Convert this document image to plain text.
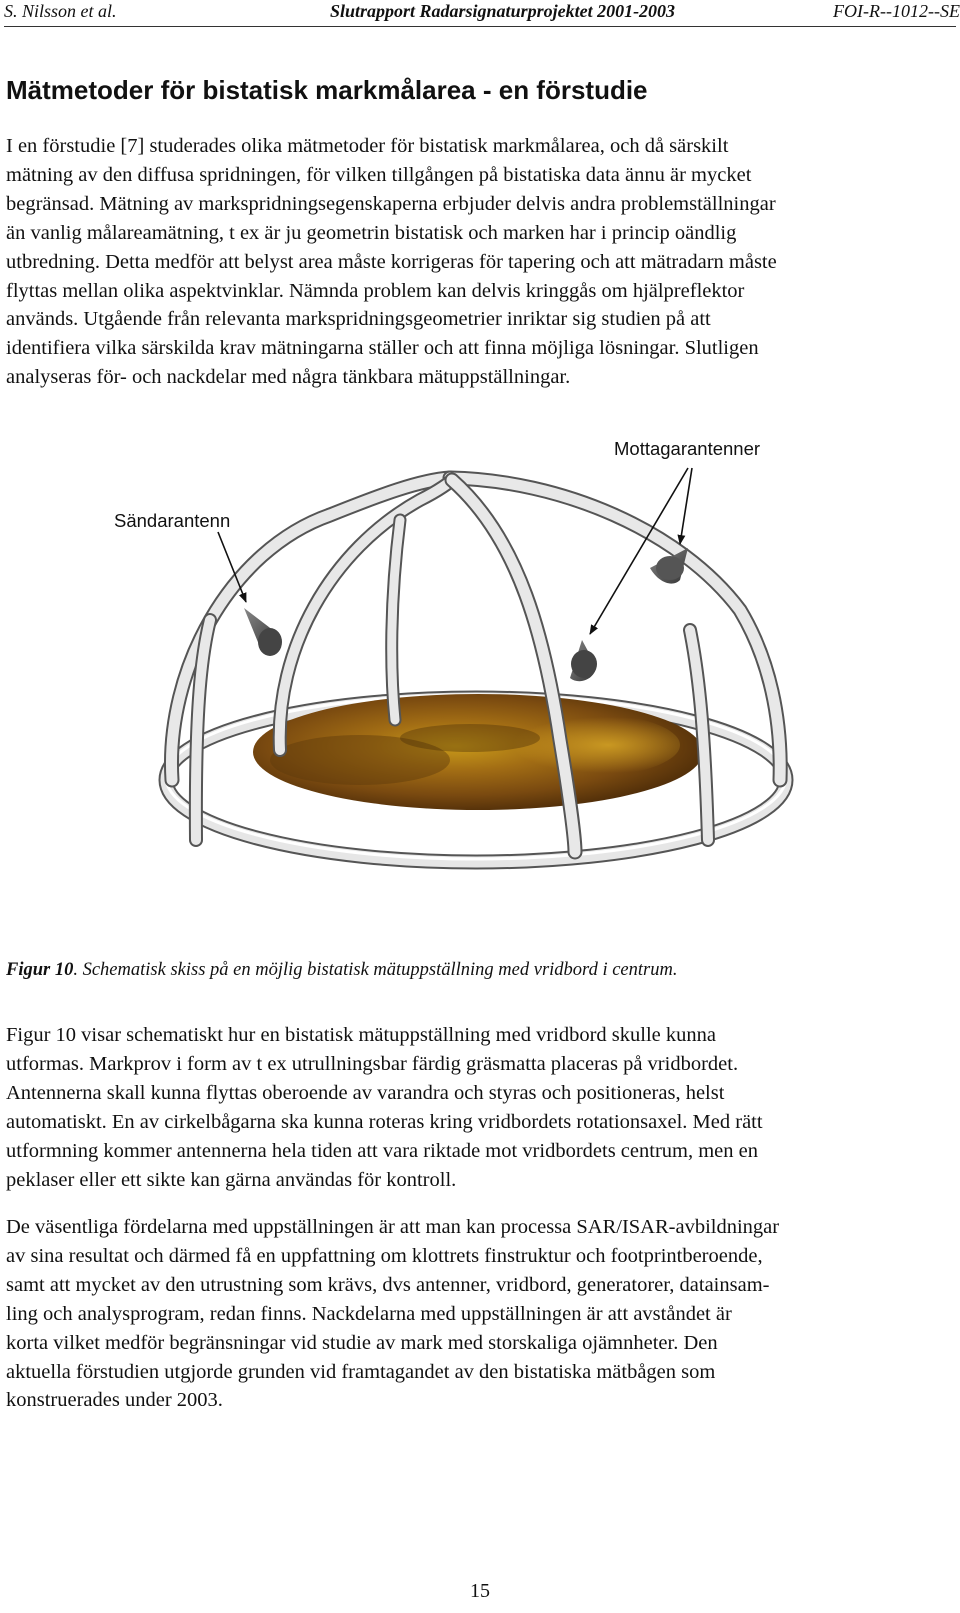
S. Nilsson et al.	Slutrapport Radarsignaturprojektet 2001-2003	FOI-R--1012--SE
Mätmetoder för bistatisk markmålarea - en förstudie

I en förstudie [7] studerades olika mätmetoder för bistatisk markmålarea, och då särskilt
mätning av den diffusa spridningen, för vilken tillgången på bistatiska data ännu är mycket
begränsad. Mätning av markspridningsegenskaperna erbjuder delvis andra problemställningar
än vanlig målareamätning, t ex är ju geometrin bistatisk och marken har i princip oändlig
utbredning. Detta medför att belyst area måste korrigeras för tapering och att mätradarn måste
flyttas mellan olika aspektvinklar. Nämnda problem kan delvis kringgås om hjälpreflektor
används. Utgående från relevanta markspridningsgeometrier inriktar sig studien på att
identifiera vilka särskilda krav mätningarna ställer och att finna möjliga lösningar. Slutligen
analyseras för- och nackdelar med några tänkbara mätuppställningar.

Mottagarantenner
Sändarantenn
Figur 10. Schematisk skiss på en möjlig bistatisk mätuppställning med vridbord i centrum.

Figur 10 visar schematiskt hur en bistatisk mätuppställning med vridbord skulle kunna
utformas. Markprov i form av t ex utrullningsbar färdig gräsmatta placeras på vridbordet.
Antennerna skall kunna flyttas oberoende av varandra och styras och positioneras, helst
automatiskt. En av cirkelbågarna ska kunna roteras kring vridbordets rotationsaxel. Med rätt
utformning kommer antennerna hela tiden att vara riktade mot vridbordets centrum, men en
peklaser eller ett sikte kan gärna användas för kontroll.

De väsentliga fördelarna med uppställningen är att man kan processa SAR/ISAR-avbildningar
av sina resultat och därmed få en uppfattning om klottrets finstruktur och footprintberoende,
samt att mycket av den utrustning som krävs, dvs antenner, vridbord, generatorer, datainsam-
ling och analysprogram, redan finns. Nackdelarna med uppställningen är att avståndet är
korta vilket medför begränsningar vid studie av mark med storskaliga ojämnheter. Den
aktuella förstudien utgjorde grunden vid framtagandet av den bistatiska mätbågen som
konstruerades under 2003.

15
